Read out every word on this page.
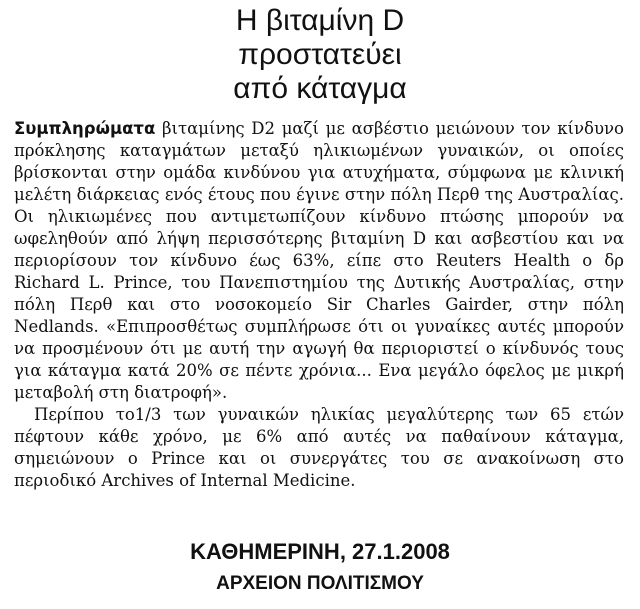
Η βιταμίνη D
προστατεύει
από κάταγμα

Συμπληρώματα βιταμίνης D2 μαζί με ασβέστιο μειώνουν τον κίνδυνο πρόκλησης καταγμάτων μεταξύ ηλικιωμένων γυναικών, οι οποίες βρίσκονται στην ομάδα κινδύνου για ατυχήματα, σύμφωνα με κλινική μελέτη διάρκειας ενός έτους που έγινε στην πόλη Περθ της Αυστραλίας. Οι ηλικιωμένες που αντιμετωπίζουν κίνδυνο πτώσης μπορούν να ωφεληθούν από λήψη περισσότερης βιταμίνη D και ασβεστίου και να περιορίσουν τον κίνδυνο έως 63%, είπε στο Reuters Health ο δρ Richard L. Prince, του Πανεπιστημίου της Δυτικής Αυστραλίας, στην πόλη Περθ και στο νοσοκομείο Sir Charles Gairder, στην πόλη Nedlands. «Επιπροσθέτως συμπλήρωσε ότι οι γυναίκες αυτές μπορούν να προσμένουν ότι με αυτή την αγωγή θα περιοριστεί ο κίνδυνός τους για κάταγμα κατά 20% σε πέντε χρόνια... Ενα μεγάλο όφελος με μικρή μεταβολή στη διατροφή».

Περίπου το1/3 των γυναικών ηλικίας μεγαλύτερης των 65 ετών πέφτουν κάθε χρόνο, με 6% από αυτές να παθαίνουν κάταγμα, σημειώνουν ο Prince και οι συνεργάτες του σε ανακοίνωση στο περιοδικό Archives of Internal Medicine.

ΚΑΘΗΜΕΡΙΝΗ, 27.1.2008
ΑΡΧΕΙΟΝ ΠΟΛΙΤΙΣΜΟΥ
